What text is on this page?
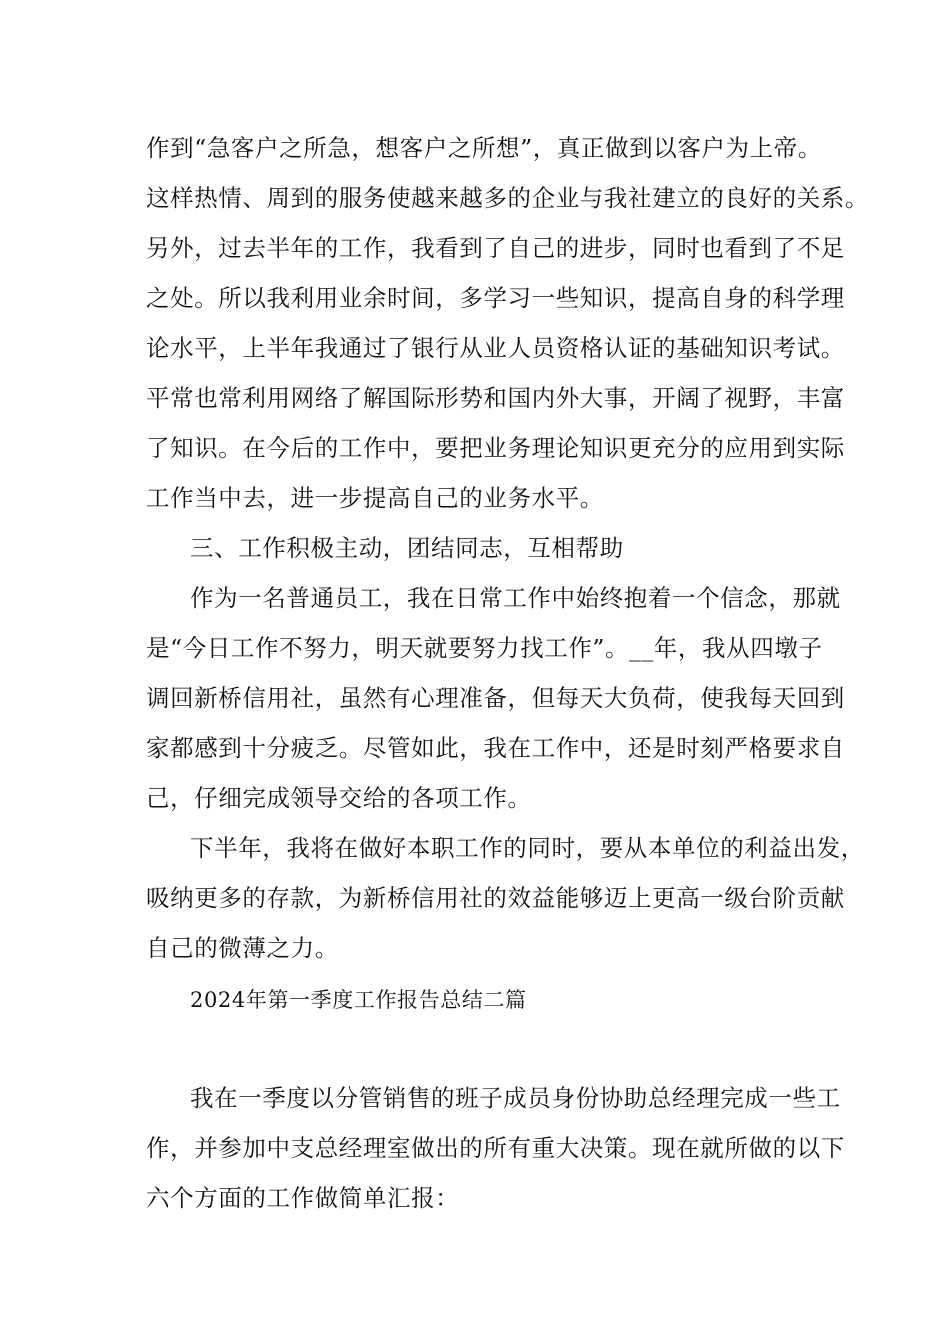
作到“急客户之所急，想客户之所想”，真正做到以客户为上帝。
这样热情、周到的服务使越来越多的企业与我社建立的良好的关系。
另外，过去半年的工作，我看到了自己的进步，同时也看到了不足
之处。所以我利用业余时间，多学习一些知识，提高自身的科学理
论水平，上半年我通过了银行从业人员资格认证的基础知识考试。
平常也常利用网络了解国际形势和国内外大事，开阔了视野，丰富
了知识。在今后的工作中，要把业务理论知识更充分的应用到实际
工作当中去，进一步提高自己的业务水平。
三、工作积极主动，团结同志，互相帮助
作为一名普通员工，我在日常工作中始终抱着一个信念，那就
是“今日工作不努力，明天就要努力找工作”。__年，我从四墩子
调回新桥信用社，虽然有心理准备，但每天大负荷，使我每天回到
家都感到十分疲乏。尽管如此，我在工作中，还是时刻严格要求自
己，仔细完成领导交给的各项工作。
下半年，我将在做好本职工作的同时，要从本单位的利益出发，
吸纳更多的存款，为新桥信用社的效益能够迈上更高一级台阶贡献
自己的微薄之力。
2024年第一季度工作报告总结二篇
我在一季度以分管销售的班子成员身份协助总经理完成一些工
作，并参加中支总经理室做出的所有重大决策。现在就所做的以下
六个方面的工作做简单汇报：
